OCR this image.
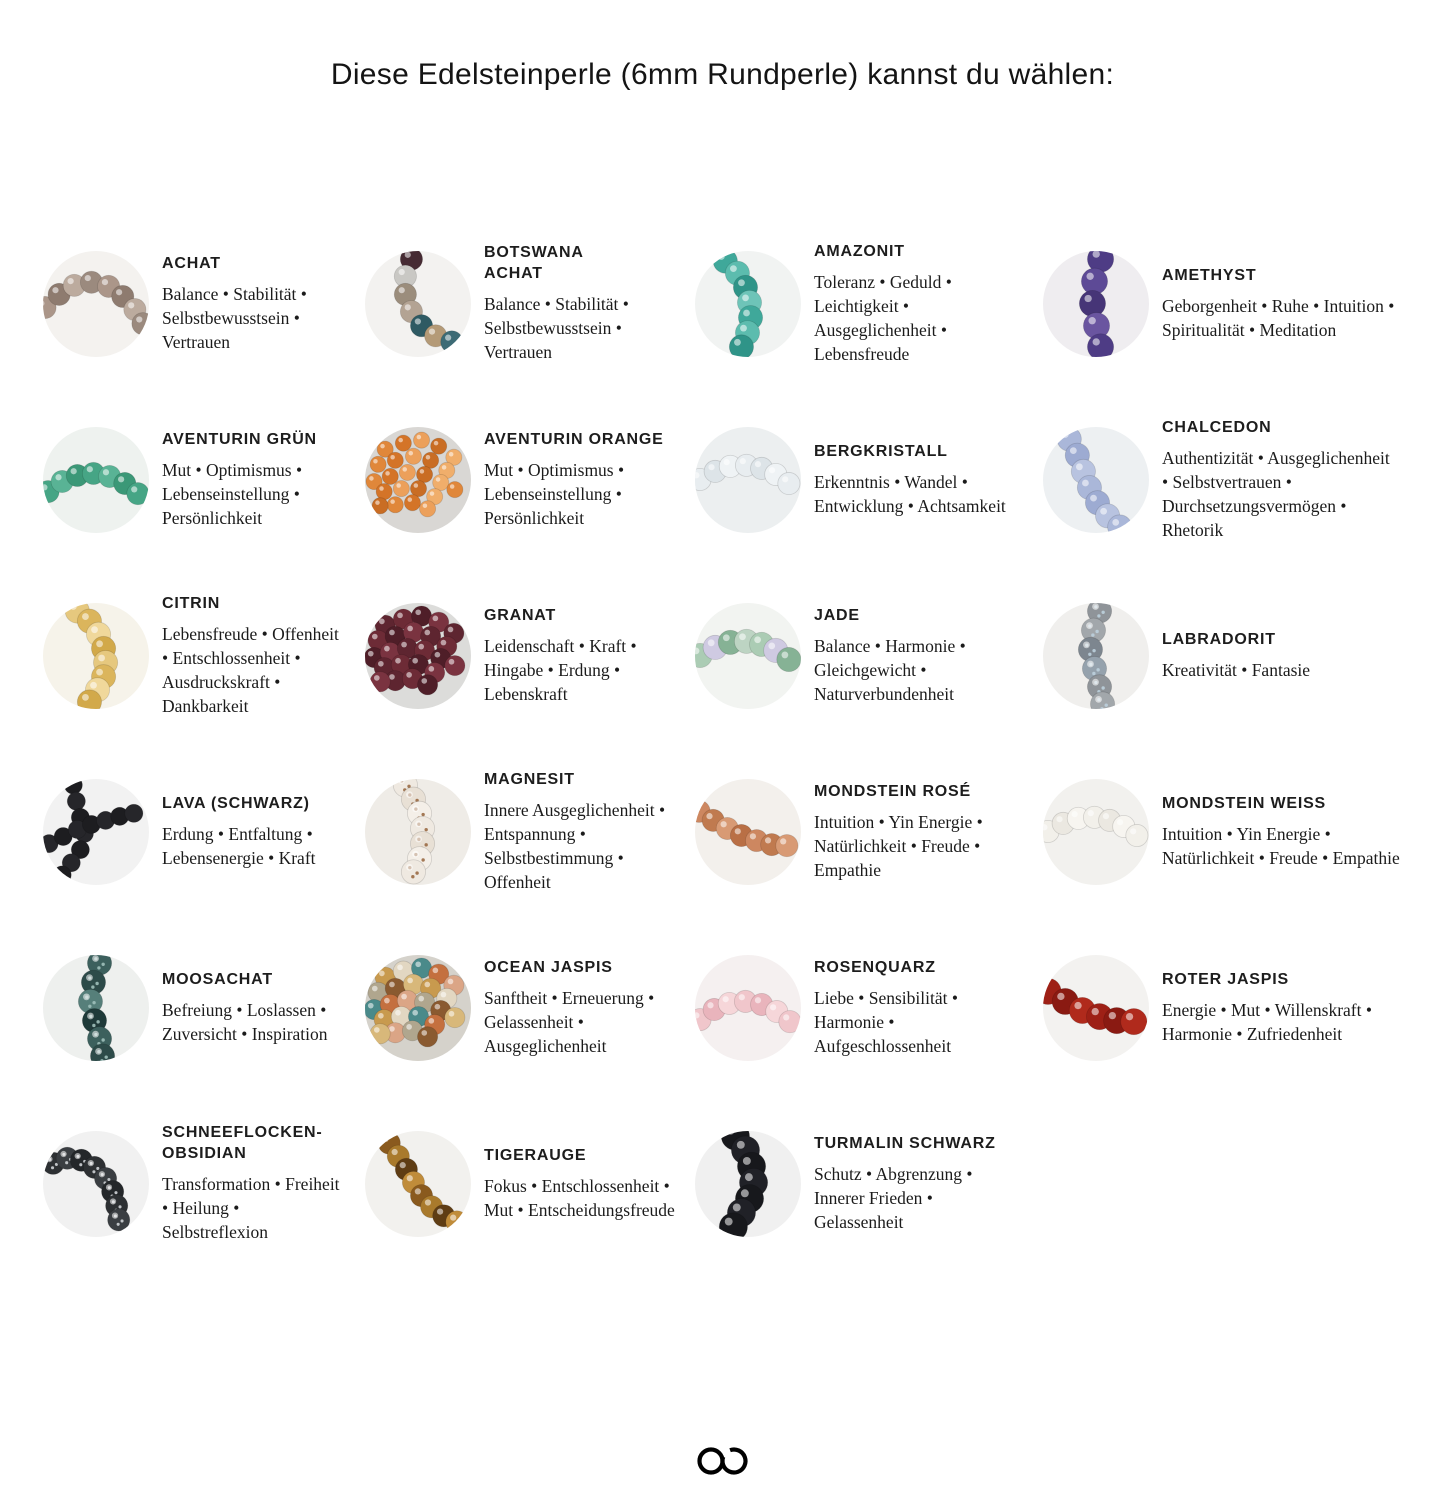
Diese Edelsteinperle (6mm Rundperle) kannst du wählen:
ACHAT
Balance • Stabilität • Selbstbewusstsein • Vertrauen
BOTSWANA ACHAT
Balance • Stabilität • Selbstbewusstsein • Vertrauen
AMAZONIT
Toleranz • Geduld • Leichtigkeit • Ausgeglichenheit • Lebensfreude
AMETHYST
Geborgenheit • Ruhe • Intuition • Spiritualität • Meditation
AVENTURIN GRÜN
Mut • Optimismus • Lebenseinstellung • Persönlichkeit
AVENTURIN ORANGE
Mut • Optimismus • Lebenseinstellung • Persönlichkeit
BERGKRISTALL
Erkenntnis • Wandel • Entwicklung • Achtsamkeit
CHALCEDON
Authentizität • Ausgeglichenheit • Selbstvertrauen • Durchsetzungsvermögen • Rhetorik
CITRIN
Lebensfreude • Offenheit • Entschlossenheit • Ausdruckskraft • Dankbarkeit
GRANAT
Leidenschaft • Kraft • Hingabe • Erdung • Lebenskraft
JADE
Balance • Harmonie • Gleichgewicht • Naturverbundenheit
LABRADORIT
Kreativität • Fantasie
LAVA (SCHWARZ)
Erdung • Entfaltung • Lebensenergie • Kraft
MAGNESIT
Innere Ausgeglichenheit • Entspannung • Selbstbestimmung • Offenheit
MONDSTEIN ROSÉ
Intuition • Yin Energie • Natürlichkeit • Freude • Empathie
MONDSTEIN WEISS
Intuition • Yin Energie • Natürlichkeit • Freude • Empathie
MOOSACHAT
Befreiung • Loslassen • Zuversicht • Inspiration
OCEAN JASPIS
Sanftheit • Erneuerung • Gelassenheit • Ausgeglichenheit
ROSENQUARZ
Liebe • Sensibilität • Harmonie • Aufgeschlossenheit
ROTER JASPIS
Energie • Mut • Willenskraft • Harmonie • Zufriedenheit
SCHNEEFLOCKEN-OBSIDIAN
Transformation • Freiheit • Heilung • Selbstreflexion
TIGERAUGE
Fokus • Entschlossenheit • Mut • Entscheidungsfreude
TURMALIN SCHWARZ
Schutz • Abgrenzung • Innerer Frieden • Gelassenheit
